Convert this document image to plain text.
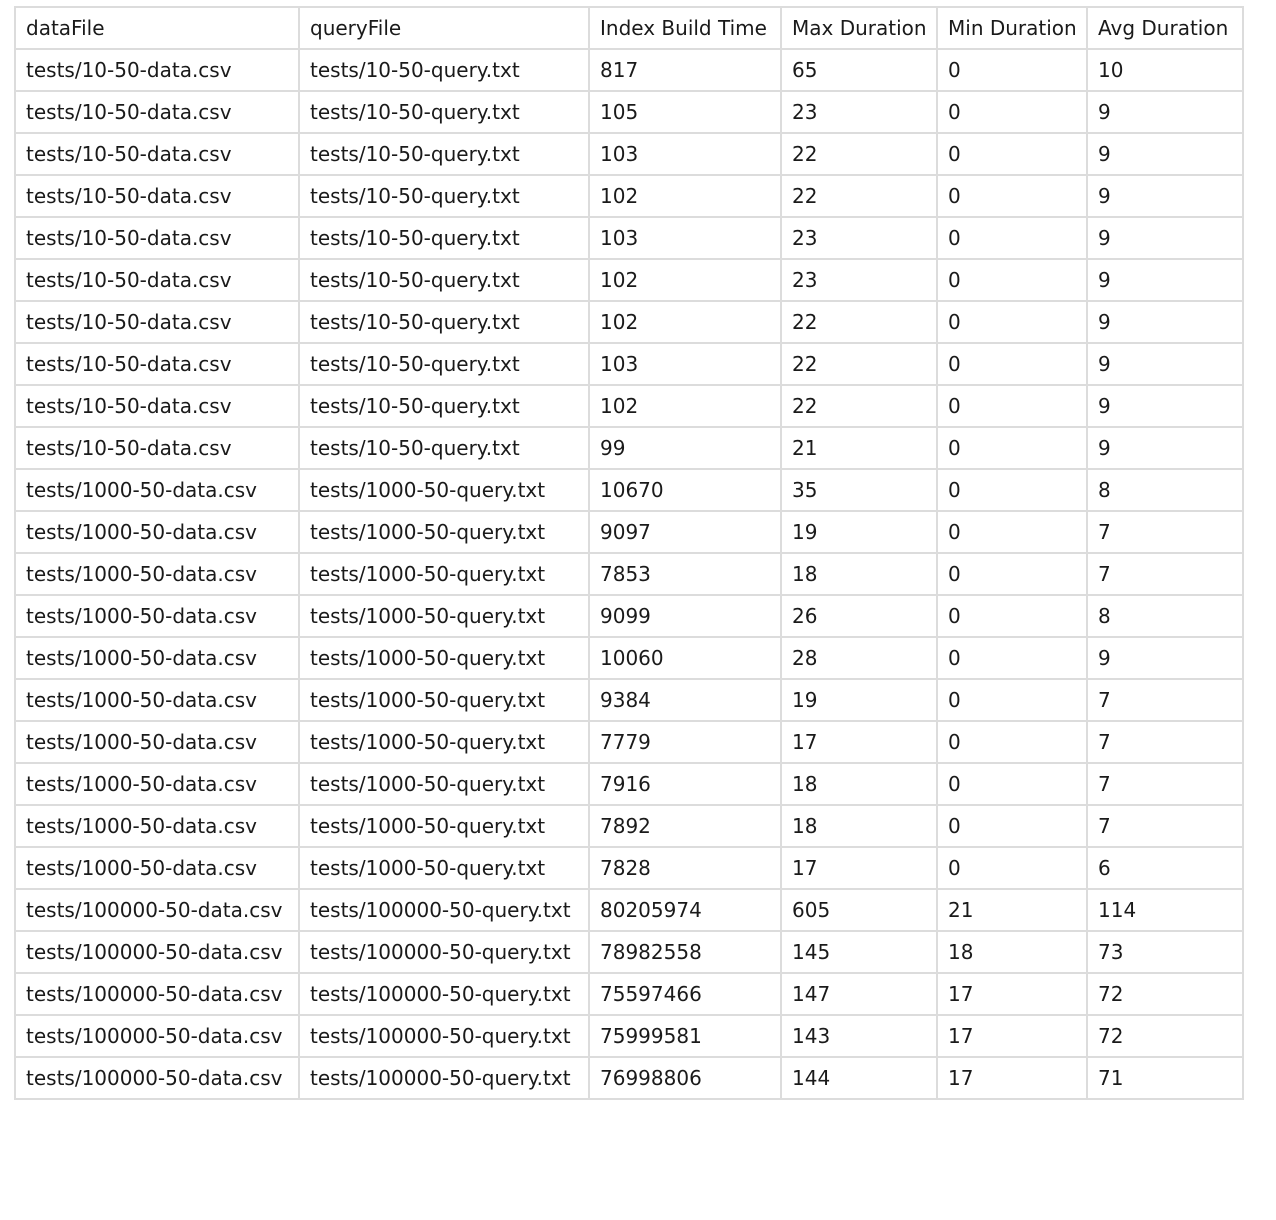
dataFile	queryFile	Index Build Time	Max Duration	Min Duration	Avg Duration
tests/10-50-data.csv	tests/10-50-query.txt	817	65	0	10
tests/10-50-data.csv	tests/10-50-query.txt	105	23	0	9
tests/10-50-data.csv	tests/10-50-query.txt	103	22	0	9
tests/10-50-data.csv	tests/10-50-query.txt	102	22	0	9
tests/10-50-data.csv	tests/10-50-query.txt	103	23	0	9
tests/10-50-data.csv	tests/10-50-query.txt	102	23	0	9
tests/10-50-data.csv	tests/10-50-query.txt	102	22	0	9
tests/10-50-data.csv	tests/10-50-query.txt	103	22	0	9
tests/10-50-data.csv	tests/10-50-query.txt	102	22	0	9
tests/10-50-data.csv	tests/10-50-query.txt	99	21	0	9
tests/1000-50-data.csv	tests/1000-50-query.txt	10670	35	0	8
tests/1000-50-data.csv	tests/1000-50-query.txt	9097	19	0	7
tests/1000-50-data.csv	tests/1000-50-query.txt	7853	18	0	7
tests/1000-50-data.csv	tests/1000-50-query.txt	9099	26	0	8
tests/1000-50-data.csv	tests/1000-50-query.txt	10060	28	0	9
tests/1000-50-data.csv	tests/1000-50-query.txt	9384	19	0	7
tests/1000-50-data.csv	tests/1000-50-query.txt	7779	17	0	7
tests/1000-50-data.csv	tests/1000-50-query.txt	7916	18	0	7
tests/1000-50-data.csv	tests/1000-50-query.txt	7892	18	0	7
tests/1000-50-data.csv	tests/1000-50-query.txt	7828	17	0	6
tests/100000-50-data.csv	tests/100000-50-query.txt	80205974	605	21	114
tests/100000-50-data.csv	tests/100000-50-query.txt	78982558	145	18	73
tests/100000-50-data.csv	tests/100000-50-query.txt	75597466	147	17	72
tests/100000-50-data.csv	tests/100000-50-query.txt	75999581	143	17	72
tests/100000-50-data.csv	tests/100000-50-query.txt	76998806	144	17	71
